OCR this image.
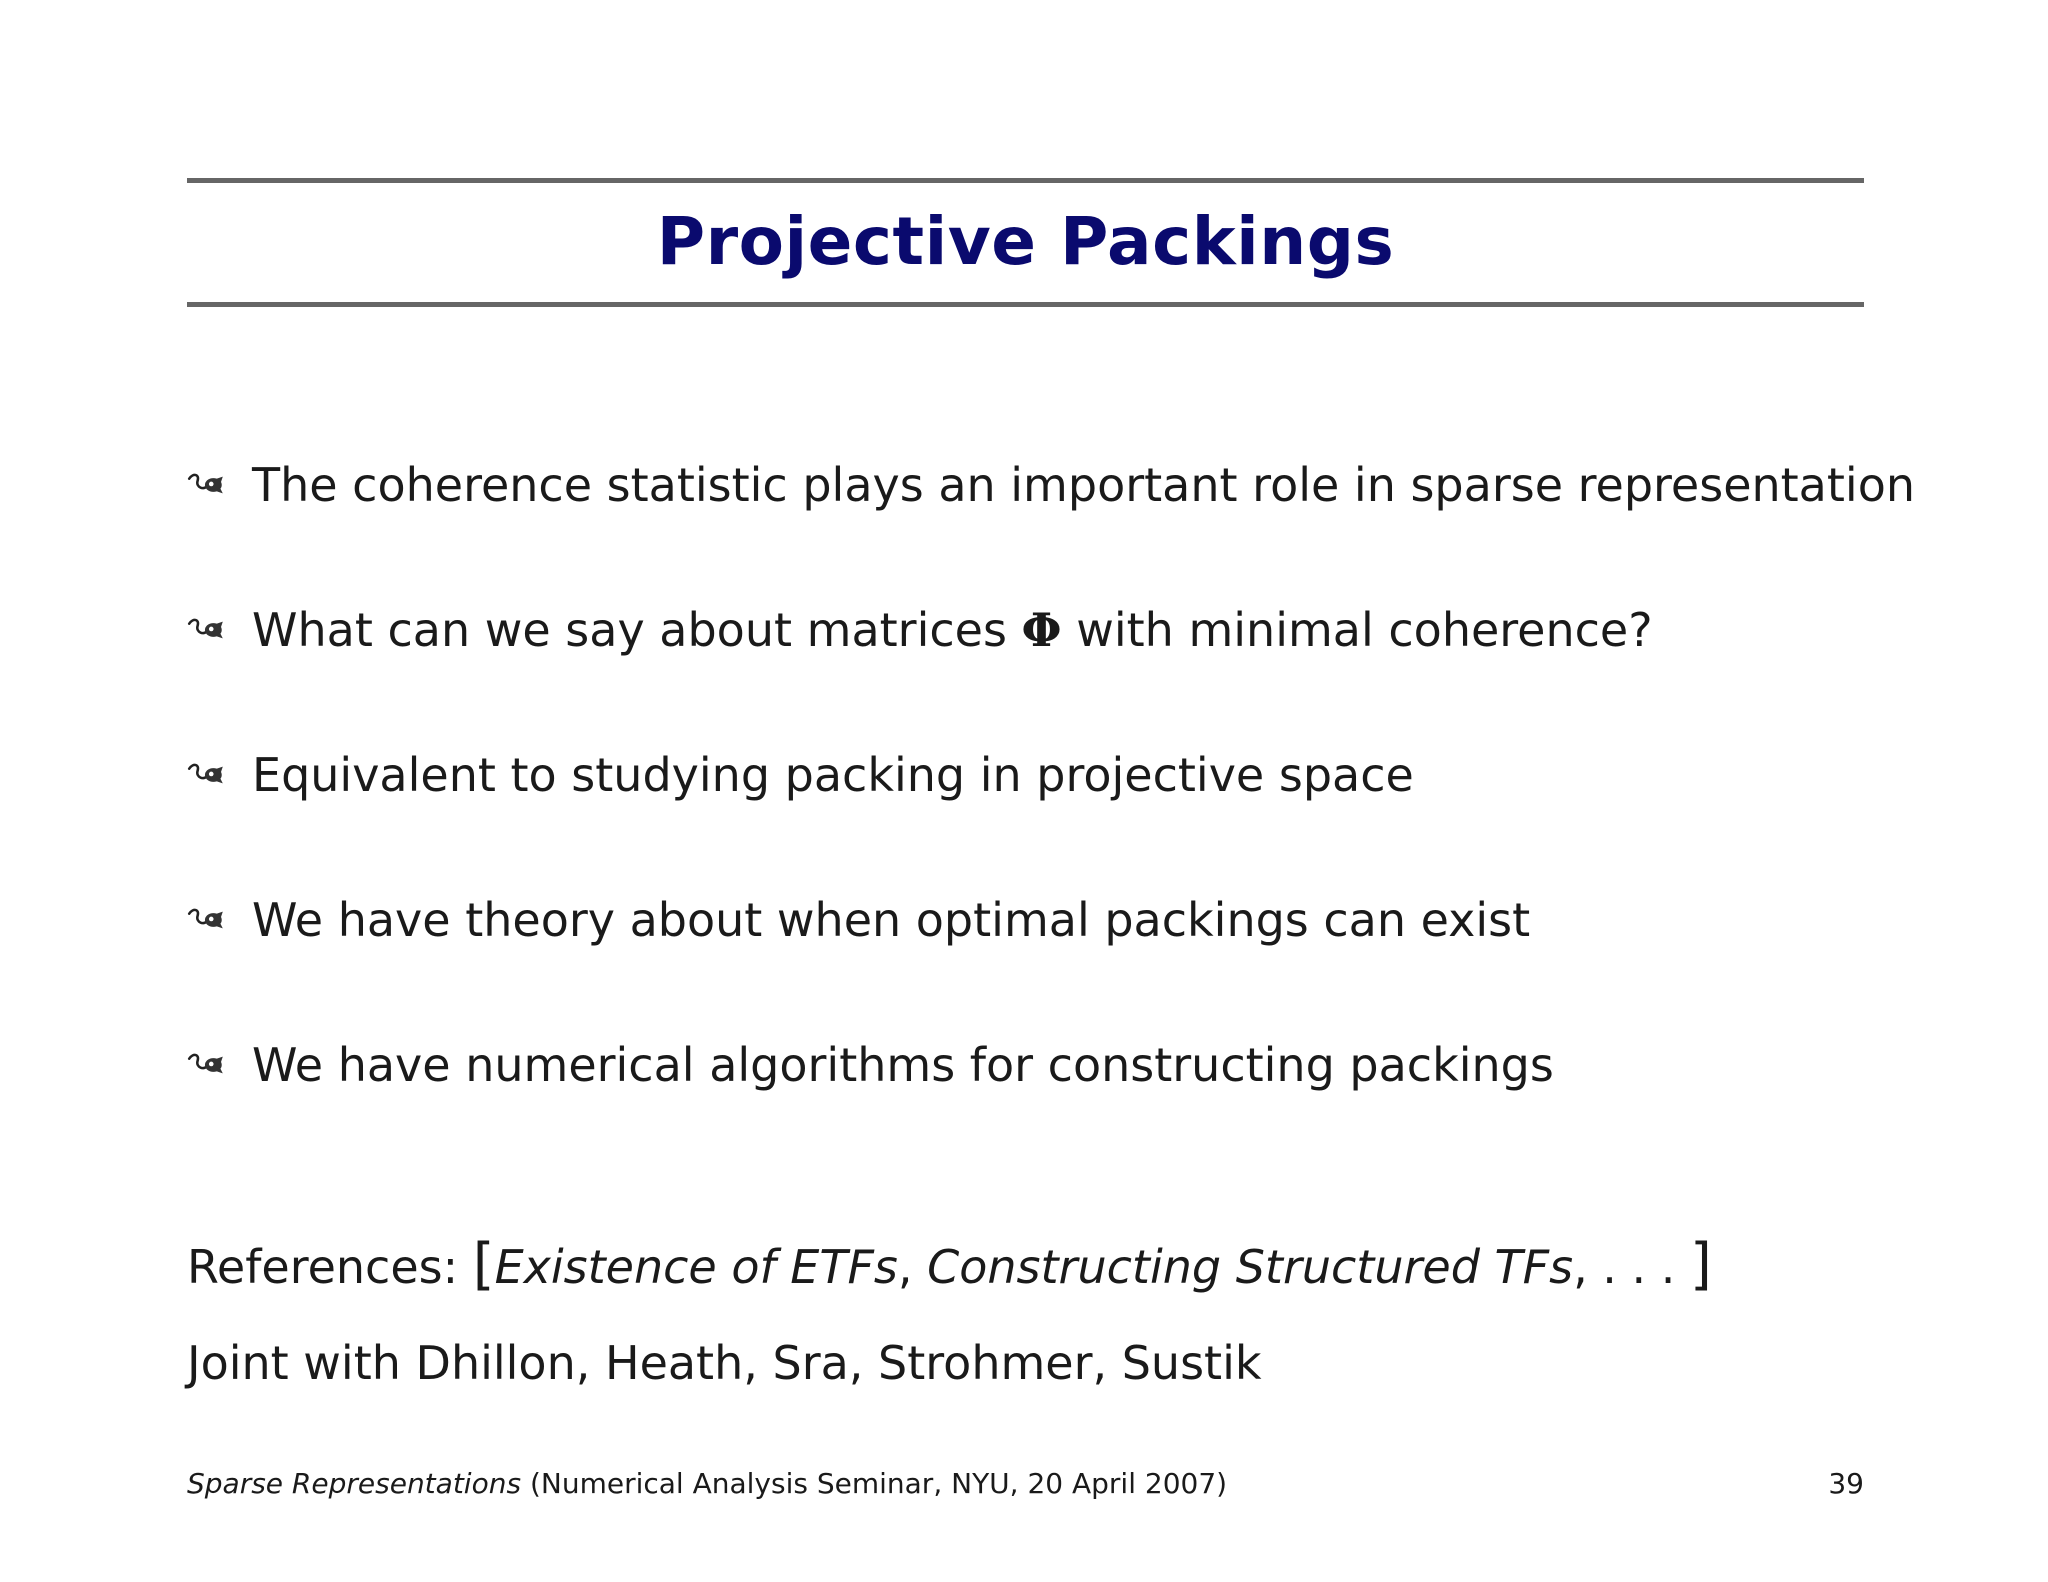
Projective Packings
The coherence statistic plays an important role in sparse representation
What can we say about matrices Φ with minimal coherence?
Equivalent to studying packing in projective space
We have theory about when optimal packings can exist
We have numerical algorithms for constructing packings
References: [Existence of ETFs, Constructing Structured TFs, . . . ]
Joint with Dhillon, Heath, Sra, Strohmer, Sustik
Sparse Representations (Numerical Analysis Seminar, NYU, 20 April 2007)	39
